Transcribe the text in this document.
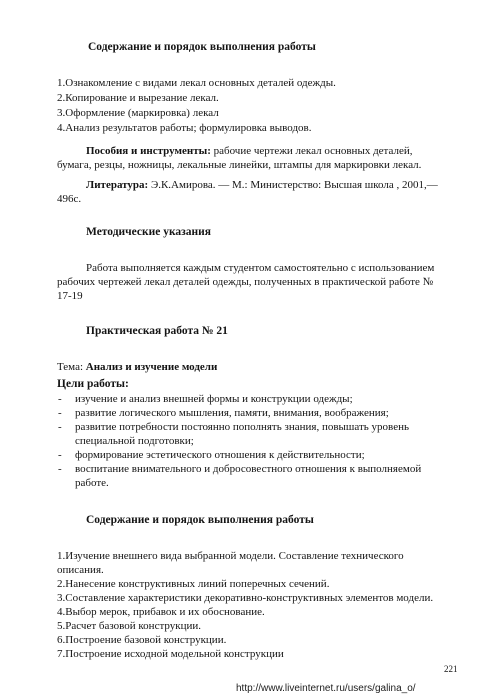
Содержание и порядок выполнения работы
1.Ознакомление с видами лекал основных деталей одежды.
2.Копирование и вырезание лекал.
3.Оформление (маркировка) лекал
4.Анализ результатов работы; формулировка выводов.
Пособия и инструменты: рабочие чертежи лекал основных деталей,
бумага, резцы, ножницы, лекальные линейки, штампы для маркировки лекал.
Литература: Э.К.Амирова. — М.: Министерство: Высшая школа , 2001,—
496с.
Методические указания
Работа выполняется каждым студентом самостоятельно с использованием
рабочих чертежей лекал деталей одежды, полученных в практической работе №
17-19
Практическая работа № 21
Тема: Анализ и изучение модели
Цели работы:
- изучение и анализ внешней формы и конструкции одежды;
- развитие логического мышления, памяти, внимания, воображения;
- развитие потребности постоянно пополнять знания, повышать уровень
специальной подготовки;
- формирование эстетического отношения к действительности;
- воспитание внимательного и добросовестного отношения к выполняемой
работе.
Содержание и порядок выполнения работы
1.Изучение внешнего вида выбранной модели. Составление технического
описания.
2.Нанесение конструктивных линий поперечных сечений.
3.Составление характеристики декоративно-конструктивных элементов модели.
4.Выбор мерок, прибавок и их обоснование.
5.Расчет базовой конструкции.
6.Построение базовой конструкции.
7.Построение исходной модельной конструкции
221
http://www.liveinternet.ru/users/galina_o/
